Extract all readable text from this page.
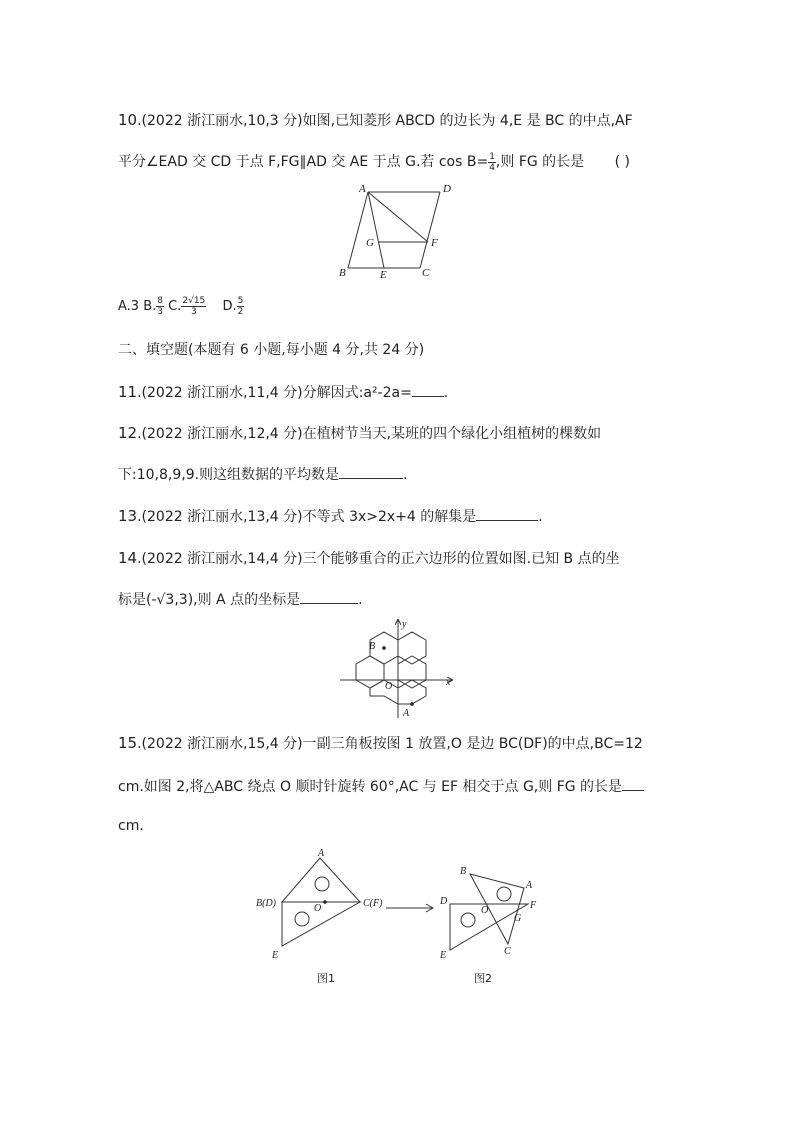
10.(2022 浙江丽水,10,3 分)如图,已知菱形 ABCD 的边长为 4,E 是 BC 的中点,AF
平分∠EAD 交 CD 于点 F,FG∥AD 交 AE 于点 G.若 $\cos B= \frac{1}{4}$ ,则 FG 的长是 ( )
A	D
G	F
B	E	C
A.3 B. $\frac{8}{3} C$. $\frac{2√15}{3} D$. $\frac{5}{2}$
二、填空题(本题有 6 小题,每小题 4 分,共 24 分)
11.(2022 浙江丽水,11,4 分)分解因式:a²-2a= .
12.(2022 浙江丽水,12,4 分)在植树节当天,某班的四个绿化小组植树的棵数如
下:10,8,9,9.则这组数据的平均数是	.
13.(2022 浙江丽水,13,4 分)不等式 3x>2x+4 的解集是	.
14.(2022 浙江丽水,14,4 分)三个能够重合的正六边形的位置如图.已知 B 点的坐
标是(-√3,3),则 A 点的坐标是	.
y
x
B
O
A
15.(2022 浙江丽水,15,4 分)一副三角板按图 1 放置,O 是边 BC(DF)的中点,BC=12
cm.如图 2,将△ABC 绕点 O 顺时针旋转 60°,AC 与 EF 相交于点 G,则 FG 的长是
cm.
A
B(D)	O	C(F)
E
B
A
D
O	F
G
E	C
图1	图2
